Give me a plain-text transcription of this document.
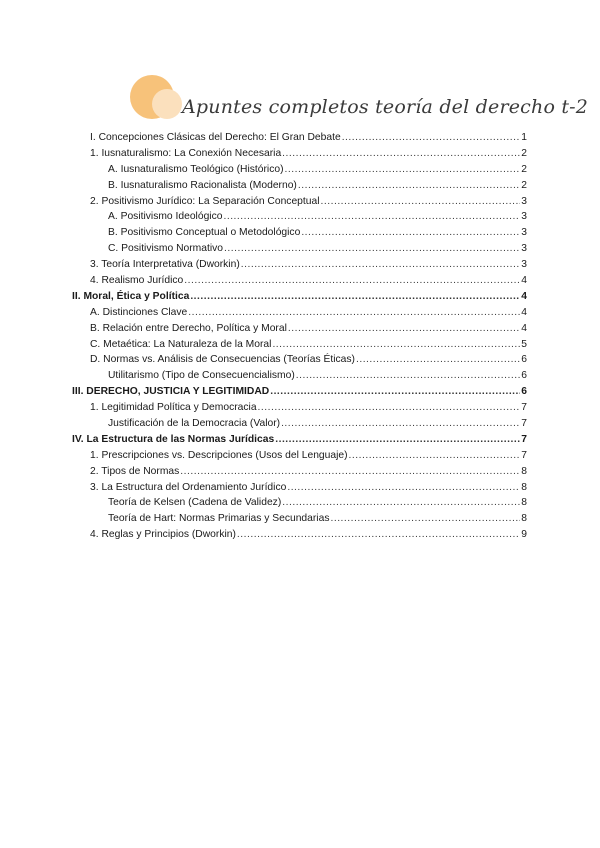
Apuntes completos teoría del derecho t-2
I. Concepciones Clásicas del Derecho: El Gran Debate .....	1
1. Iusnaturalismo: La Conexión Necesaria .....	2
A. Iusnaturalismo Teológico (Histórico) .....	2
B. Iusnaturalismo Racionalista (Moderno) .....	2
2. Positivismo Jurídico: La Separación Conceptual .....	3
A. Positivismo Ideológico .....	3
B. Positivismo Conceptual o Metodológico .....	3
C. Positivismo Normativo .....	3
3. Teoría Interpretativa (Dworkin) .....	3
4. Realismo Jurídico .....	4
II. Moral, Ética y Política .....	4
A. Distinciones Clave .....	4
B. Relación entre Derecho, Política y Moral .....	4
C. Metaética: La Naturaleza de la Moral .....	5
D. Normas vs. Análisis de Consecuencias (Teorías Éticas) .....	6
Utilitarismo (Tipo de Consecuencialismo) .....	6
III. DERECHO, JUSTICIA Y LEGITIMIDAD .....	6
1. Legitimidad Política y Democracia .....	7
Justificación de la Democracia (Valor) .....	7
IV. La Estructura de las Normas Jurídicas .....	7
1. Prescripciones vs. Descripciones (Usos del Lenguaje) .....	7
2. Tipos de Normas .....	8
3. La Estructura del Ordenamiento Jurídico .....	8
Teoría de Kelsen (Cadena de Validez) .....	8
Teoría de Hart: Normas Primarias y Secundarias .....	8
4. Reglas y Principios (Dworkin) .....	9
